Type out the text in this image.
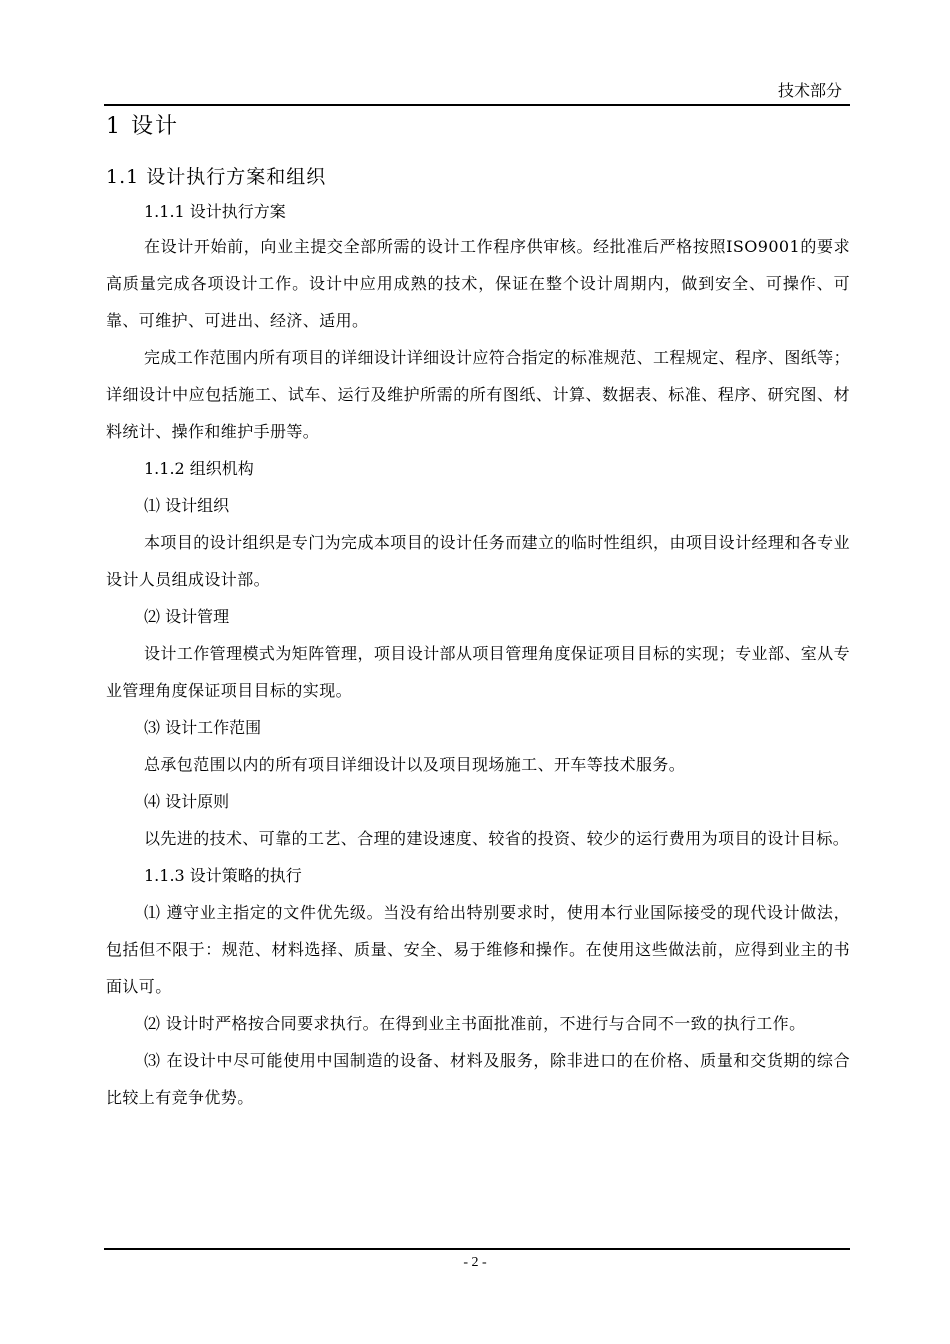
技术部分
1 设计
1.1 设计执行方案和组织
1.1.1 设计执行方案

在设计开始前，向业主提交全部所需的设计工作程序供审核。经批准后严格按照ISO9001的要求高质量完成各项设计工作。设计中应用成熟的技术，保证在整个设计周期内，做到安全、可操作、可靠、可维护、可进出、经济、适用。

完成工作范围内所有项目的详细设计详细设计应符合指定的标准规范、工程规定、程序、图纸等；详细设计中应包括施工、试车、运行及维护所需的所有图纸、计算、数据表、标准、程序、研究图、材料统计、操作和维护手册等。

1.1.2 组织机构
⑴ 设计组织

本项目的设计组织是专门为完成本项目的设计任务而建立的临时性组织，由项目设计经理和各专业设计人员组成设计部。

⑵ 设计管理

设计工作管理模式为矩阵管理，项目设计部从项目管理角度保证项目目标的实现；专业部、室从专业管理角度保证项目目标的实现。

⑶ 设计工作范围

总承包范围以内的所有项目详细设计以及项目现场施工、开车等技术服务。

⑷ 设计原则

以先进的技术、可靠的工艺、合理的建设速度、较省的投资、较少的运行费用为项目的设计目标。

1.1.3 设计策略的执行

⑴ 遵守业主指定的文件优先级。当没有给出特别要求时，使用本行业国际接受的现代设计做法，包括但不限于：规范、材料选择、质量、安全、易于维修和操作。在使用这些做法前，应得到业主的书面认可。

⑵ 设计时严格按合同要求执行。在得到业主书面批准前，不进行与合同不一致的执行工作。

⑶ 在设计中尽可能使用中国制造的设备、材料及服务，除非进口的在价格、质量和交货期的综合比较上有竞争优势。

- 2 -
